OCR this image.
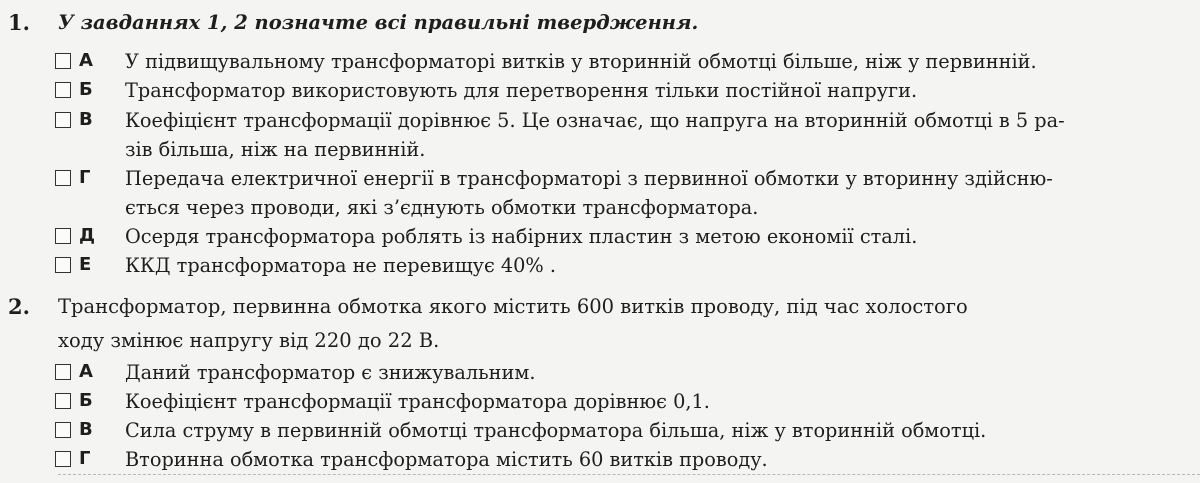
1. У завданнях 1, 2 позначте всі правильні твердження.
А У підвищувальному трансформаторі витків у вторинній обмотці більше, ніж у первинній.
Б Трансформатор використовують для перетворення тільки постійної напруги.
В Коефіцієнт трансформації дорівнює 5. Це означає, що напруга на вторинній обмотці в 5 ра-
зів більша, ніж на первинній.
Г Передача електричної енергії в трансформаторі з первинної обмотки у вторинну здійсню-
ється через проводи, які з’єднують обмотки трансформатора.
Д Осердя трансформатора роблять із набірних пластин з метою економії сталі.
Е ККД трансформатора не перевищує 40% .
2. Трансформатор, первинна обмотка якого містить 600 витків проводу, під час холостого
ходу змінює напругу від 220 до 22 В.
А Даний трансформатор є знижувальним.
Б Коефіцієнт трансформації трансформатора дорівнює 0,1.
В Сила струму в первинній обмотці трансформатора більша, ніж у вторинній обмотці.
Г Вторинна обмотка трансформатора містить 60 витків проводу.
